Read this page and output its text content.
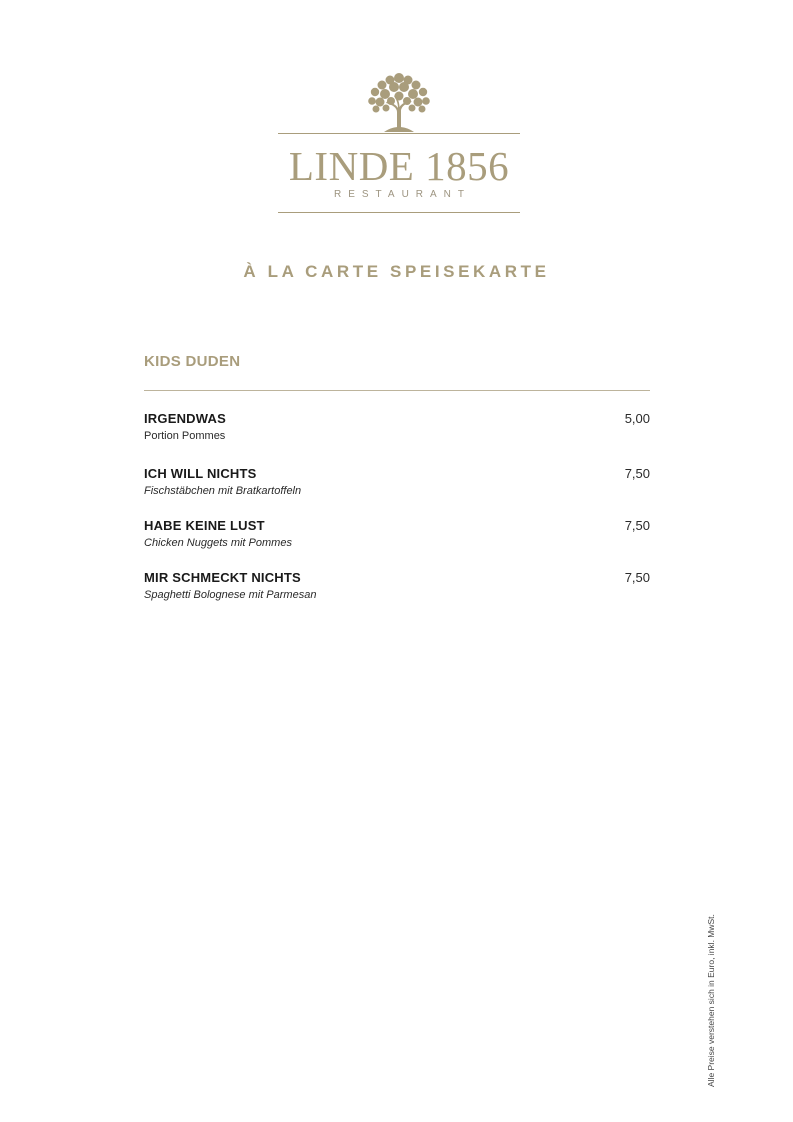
LINDE 1856
RESTAURANT
À LA CARTE SPEISEKARTE
KIDS DUDEN
IRGENDWAS	5,00
Portion Pommes
ICH WILL NICHTS	7,50
Fischstäbchen mit Bratkartoffeln
HABE KEINE LUST	7,50
Chicken Nuggets mit Pommes
MIR SCHMECKT NICHTS	7,50
Spaghetti Bolognese mit Parmesan
Alle Preise verstehen sich in Euro, inkl. MwSt.
